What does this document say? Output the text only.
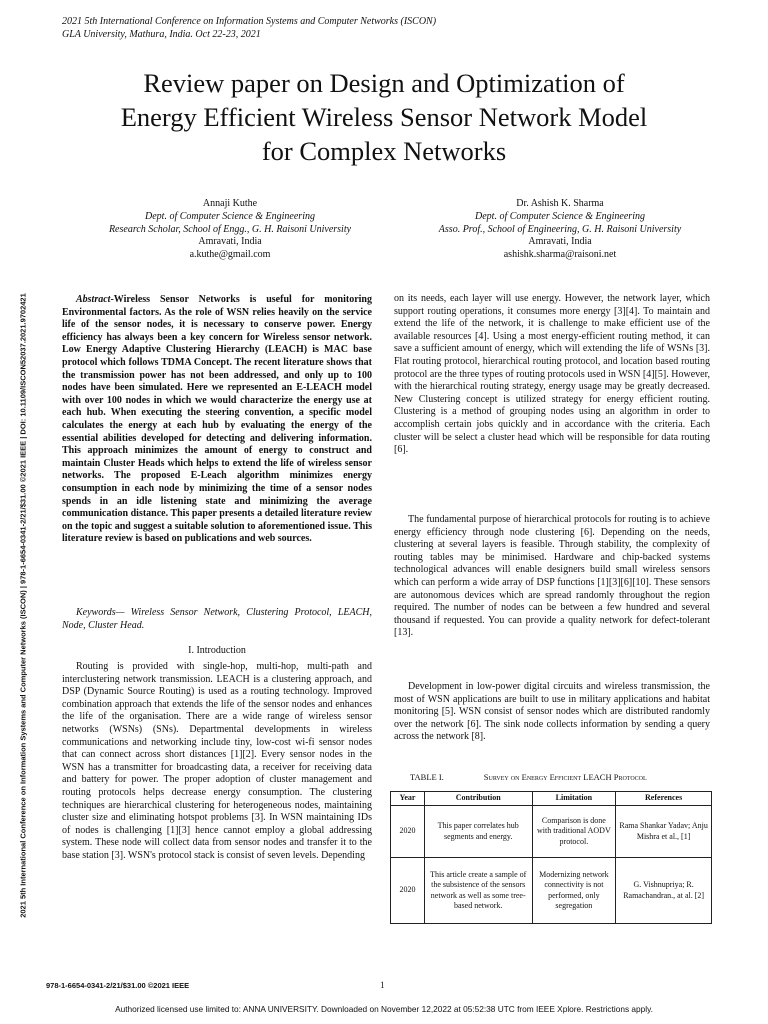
2021 5th International Conference on Information Systems and Computer Networks (ISCON)
GLA University, Mathura, India. Oct 22-23, 2021
Review paper on Design and Optimization of
Energy Efficient Wireless Sensor Network Model
for Complex Networks
Annaji Kuthe
Dept. of Computer Science & Engineering
Research Scholar, School of Engg., G. H. Raisoni University
Amravati, India
a.kuthe@gmail.com
Dr. Ashish K. Sharma
Dept. of Computer Science & Engineering
Asso. Prof., School of Engineering, G. H. Raisoni University
Amravati, India
ashishk.sharma@raisoni.net
2021 5th International Conference on Information Systems and Computer Networks (ISCON) | 978-1-6654-0341-2/21/$31.00 ©2021 IEEE | DOI: 10.1109/ISCON52037.2021.9702421	Abstract-Wireless Sensor Networks is useful for monitoring Environmental factors. As the role of WSN relies heavily on the service life of the sensor nodes, it is necessary to conserve power. Energy efficiency has always been a key concern for Wireless sensor network. Low Energy Adaptive Clustering Hierarchy (LEACH) is MAC base protocol which follows TDMA Concept. The recent literature shows that the transmission power has not been addressed, and only up to 100 nodes have been simulated. Here we represented an E-LEACH model with over 100 nodes in which we would characterize the energy use at each hub. When executing the steering convention, a specific model calculates the energy at each hub by evaluating the energy of the essential abilities developed for detecting and delivering information. This approach minimizes the amount of energy to construct and maintain Cluster Heads which helps to extend the life of wireless sensor networks. The proposed E-Leach algorithm minimizes energy consumption in each node by minimizing the time of a sensor nodes spends in an idle listening state and minimizing the average communication distance. This paper presents a detailed literature review on the topic and suggest a suitable solution to aforementioned issue. This literature review is based on publications and web sources.

Keywords— Wireless Sensor Network, Clustering Protocol, LEACH, Node, Cluster Head.

I. Introduction

Routing is provided with single-hop, multi-hop, multi-path and interclustering network transmission. LEACH is a clustering approach, and DSP (Dynamic Source Routing) is used as a routing technology. Improved combination approach that extends the life of the sensor nodes and enhances the life of the organisation. There are a wide range of wireless sensor networks (WSNs) (SNs). Departmental developments in wireless communications and networking include tiny, low-cost wi-fi sensor nodes that can connect across short distances [1][2]. Every sensor nodes in the WSN has a transmitter for broadcasting data, a receiver for receiving data and battery for power. The proper adoption of cluster management and routing protocols helps decrease energy consumption. The clustering techniques are hierarchical clustering for heterogeneous nodes, maintaining cluster size and eliminating hotspot problems [3]. In WSN maintaining IDs of nodes is challenging [1][3] hence cannot employ a global addressing system. These node will collect data from sensor nodes and transfer it to the base station [3]. WSN's protocol stack is consist of seven levels. Depending

on its needs, each layer will use energy. However, the network layer, which support routing operations, it consumes more energy [3][4]. To maintain and extend the life of the network, it is challenge to make efficient use of the available resources [4]. Using a most energy-efficient routing method, it can save a sufficient amount of energy, which will extending the life of WSNs [3]. Flat routing protocol, hierarchical routing protocol, and location based routing protocol are the three types of routing protocols used in WSN [4][5]. However, with the hierarchical routing strategy, energy usage may be greatly decreased. New Clustering concept is utilized strategy for energy efficient routing. Clustering is a method of grouping nodes using an algorithm in order to accomplish certain jobs quickly and in accordance with the criteria. Each cluster will be select a cluster head which will be responsible for data routing [6].

The fundamental purpose of hierarchical protocols for routing is to achieve energy efficiency through node clustering [6]. Depending on the needs, clustering at several layers is feasible. Through stability, the complexity of routing tables may be minimised. Hardware and chip-backed systems technological advances will enable designers build small wireless sensors which can perform a wide array of DSP functions [1][3][6][10]. These sensors are autonomous devices which are spread randomly throughout the region required. The number of nodes can be between a few hundred and several thousand if requested. You can provide a quality network for defect-tolerant [13].

Development in low-power digital circuits and wireless transmission, the most of WSN applications are built to use in military applications and habitat monitoring [5]. WSN consist of sensor nodes which are distributed randomly over the network [6]. The sink node collects information by sending a query across the network [8].

TABLE I.	Survey on Energy Efficient LEACH Protocol
Year	Contribution	Limitation	References
2020	This paper correlates hub segments and energy.	Comparison is done with traditional AODV protocol.	Rama Shankar Yadav; Anju Mishra et al., [1]
2020	This article create a sample of the subsistence of the sensors network as well as some tree-based network.	Modernizing network connectivity is not performed, only segregation	G. Vishnupriya; R. Ramachandran., at al. [2]
978-1-6654-0341-2/21/$31.00 ©2021 IEEE	1
Authorized licensed use limited to: ANNA UNIVERSITY. Downloaded on November 12,2022 at 05:52:38 UTC from IEEE Xplore. Restrictions apply.
